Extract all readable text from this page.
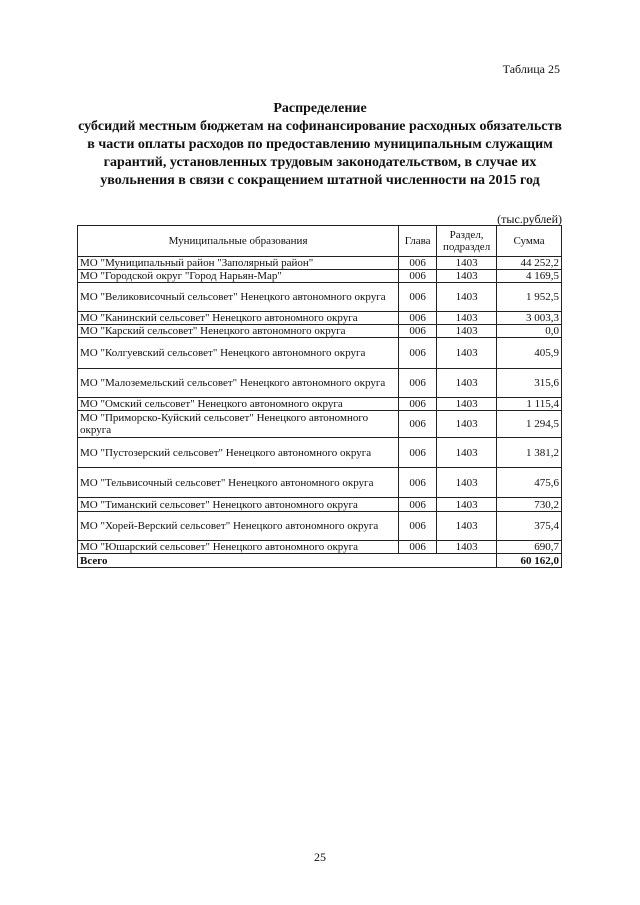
Таблица 25
Распределение
субсидий местным бюджетам на софинансирование расходных обязательств
в части оплаты расходов по предоставлению муниципальным служащим
гарантий, установленных трудовым законодательством, в случае их
увольнения в связи с сокращением штатной численности на 2015 год
(тыс.рублей)
Муниципальные образования	Глава	Раздел, подраздел	Сумма
МО "Муниципальный район "Заполярный район"	006	1403	44 252,2
МО "Городской округ "Город Нарьян-Мар"	006	1403	4 169,5
МО "Великовисочный сельсовет" Ненецкого автономного округа	006	1403	1 952,5
МО "Канинский сельсовет" Ненецкого автономного округа	006	1403	3 003,3
МО "Карский сельсовет" Ненецкого автономного округа	006	1403	0,0
МО "Колгуевский сельсовет" Ненецкого автономного округа	006	1403	405,9
МО "Малоземельский сельсовет" Ненецкого автономного округа	006	1403	315,6
МО "Омский сельсовет" Ненецкого автономного округа	006	1403	1 115,4
МО "Приморско-Куйский сельсовет" Ненецкого автономного округа	006	1403	1 294,5
МО "Пустозерский сельсовет" Ненецкого автономного округа	006	1403	1 381,2
МО "Тельвисочный сельсовет" Ненецкого автономного округа	006	1403	475,6
МО "Тиманский сельсовет" Ненецкого автономного округа	006	1403	730,2
МО "Хорей-Верский сельсовет" Ненецкого автономного округа	006	1403	375,4
МО "Юшарский сельсовет" Ненецкого автономного округа	006	1403	690,7
Всего			60 162,0
25
